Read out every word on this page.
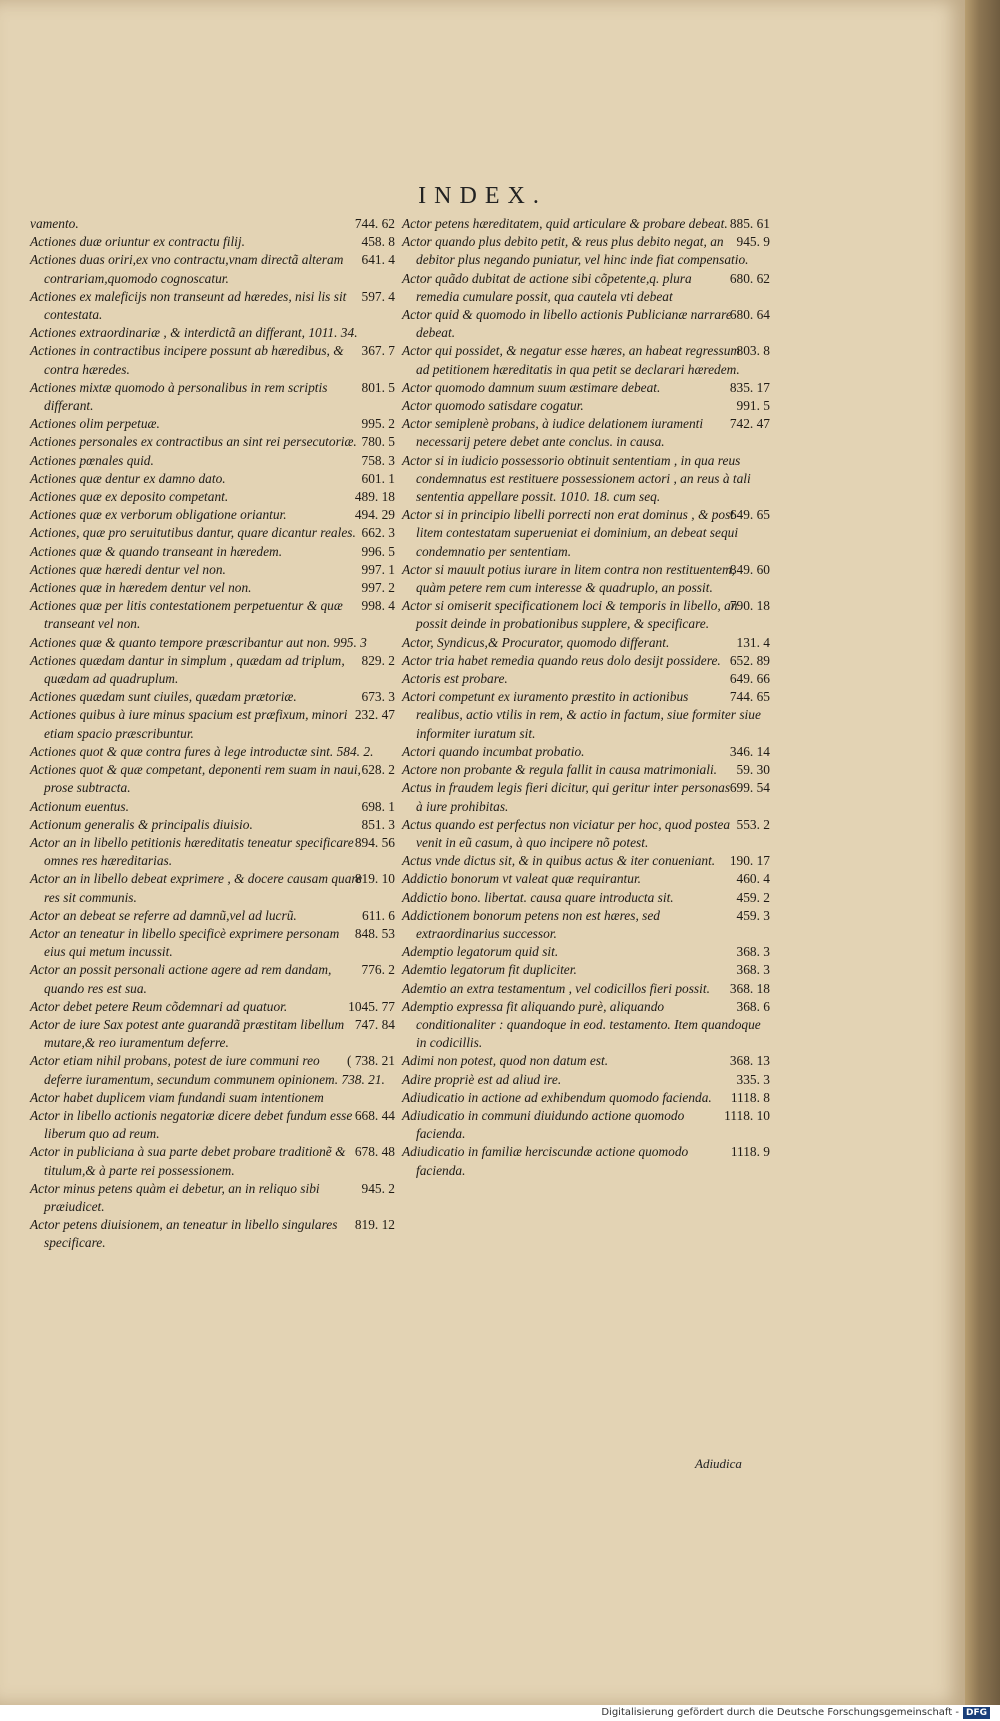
INDEX.

744. 62
vamento.

458. 8
Actiones duæ oriuntur ex contractu filij.

641. 4
Actiones duas oriri,ex vno contractu,vnam directã alteram contrariam,quomodo cognoscatur.

597. 4
Actiones ex maleficijs non transeunt ad hæredes, nisi lis sit contestata.

Actiones extraordinariæ , & interdictã an differant, 1011. 34.

367. 7
Actiones in contractibus incipere possunt ab hæredibus, & contra hæredes.

801. 5
Actiones mixtæ quomodo à personalibus in rem scriptis differant.

995. 2
Actiones olim perpetuæ.

780. 5
Actiones personales ex contractibus an sint rei persecutoriæ.

758. 3
Actiones pœnales quid.

601. 1
Actiones quæ dentur ex damno dato.

489. 18
Actiones quæ ex deposito competant.

494. 29
Actiones quæ ex verborum obligatione oriantur.

662. 3
Actiones, quæ pro seruitutibus dantur, quare dicantur reales.

996. 5
Actiones quæ & quando transeant in hæredem.

997. 1
Actiones quæ hæredi dentur vel non.

997. 2
Actiones quæ in hæredem dentur vel non.

998. 4
Actiones quæ per litis contestationem perpetuentur & quæ transeant vel non.

Actiones quæ & quanto tempore præscribantur aut non. 995. 3

829. 2
Actiones quædam dantur in simplum , quædam ad triplum, quædam ad quadruplum.

673. 3
Actiones quædam sunt ciuiles, quædam prætoriæ.

232. 47
Actiones quibus à iure minus spacium est præfixum, minori etiam spacio præscribuntur.

Actiones quot & quæ contra fures à lege introductæ sint. 584. 2.

628. 2
Actiones quot & quæ competant, deponenti rem suam in naui, prose subtracta.

698. 1
Actionum euentus.

851. 3
Actionum generalis & principalis diuisio.

894. 56
Actor an in libello petitionis hæreditatis teneatur specificare omnes res hæreditarias.

819. 10
Actor an in libello debeat exprimere , & docere causam quare res sit communis.

611. 6
Actor an debeat se referre ad damnũ,vel ad lucrũ.

848. 53
Actor an teneatur in libello specificè exprimere personam eius qui metum incussit.

776. 2
Actor an possit personali actione agere ad rem dandam, quando res est sua.

1045. 77
Actor debet petere Reum cõdemnari ad quatuor.

747. 84
Actor de iure Sax potest ante guarandã præstitam libellum mutare,& reo iuramentum deferre.

( 738. 21
Actor etiam nihil probans, potest de iure communi reo deferre iuramentum, secundum communem opinionem. 738. 21.

Actor habet duplicem viam fundandi suam intentionem

668. 44
Actor in libello actionis negatoriæ dicere debet fundum esse liberum quo ad reum.

678. 48
Actor in publiciana à sua parte debet probare traditionẽ & titulum,& à parte rei possessionem.

945. 2
Actor minus petens quàm ei debetur, an in reliquo sibi præiudicet.

819. 12
Actor petens diuisionem, an teneatur in libello singulares specificare.

885. 61
Actor petens hæreditatem, quid articulare & probare debeat.

945. 9
Actor quando plus debito petit, & reus plus debito negat, an debitor plus negando puniatur, vel hinc inde fiat compensatio.

680. 62
Actor quãdo dubitat de actione sibi cõpetente,q. plura remedia cumulare possit, qua cautela vti debeat

680. 64
Actor quid & quomodo in libello actionis Publicianæ narrare debeat.

803. 8
Actor qui possidet, & negatur esse hæres, an habeat regressum ad petitionem hæreditatis in qua petit se declarari hæredem.

835. 17
Actor quomodo damnum suum æstimare debeat.

991. 5
Actor quomodo satisdare cogatur.

742. 47
Actor semiplenè probans, à iudice delationem iuramenti necessarij petere debet ante conclus. in causa.

Actor si in iudicio possessorio obtinuit sententiam , in qua reus condemnatus est restituere possessionem actori , an reus à tali sententia appellare possit. 1010. 18. cum seq.

649. 65
Actor si in principio libelli porrecti non erat dominus , & post litem contestatam superueniat ei dominium, an debeat sequi condemnatio per sententiam.

849. 60
Actor si mauult potius iurare in litem contra non restituentem, quàm petere rem cum interesse & quadruplo, an possit.

790. 18
Actor si omiserit specificationem loci & temporis in libello, an possit deinde in probationibus supplere, & specificare.

131. 4
Actor, Syndicus,& Procurator, quomodo differant.

652. 89
Actor tria habet remedia quando reus dolo desijt possidere.

649. 66
Actoris est probare.

744. 65
Actori competunt ex iuramento præstito in actionibus realibus, actio vtilis in rem, & actio in factum, siue formiter siue informiter iuratum sit.

346. 14
Actori quando incumbat probatio.

59. 30
Actore non probante & regula fallit in causa matrimoniali.

699. 54
Actus in fraudem legis fieri dicitur, qui geritur inter personas à iure prohibitas.

553. 2
Actus quando est perfectus non viciatur per hoc, quod postea venit in eũ casum, à quo incipere nõ potest.

190. 17
Actus vnde dictus sit, & in quibus actus & iter conueniant.

460. 4
Addictio bonorum vt valeat quæ requirantur.

459. 2
Addictio bono. libertat. causa quare introducta sit.

459. 3
Addictionem bonorum petens non est hæres, sed extraordinarius successor.

368. 3
Ademptio legatorum quid sit.

368. 3
Ademtio legatorum fit dupliciter.

368. 18
Ademtio an extra testamentum , vel codicillos fieri possit.

368. 6
Ademptio expressa fit aliquando purè, aliquando conditionaliter : quandoque in eod. testamento. Item quandoque in codicillis.

368. 13
Adimi non potest, quod non datum est.

335. 3
Adire propriè est ad aliud ire.

1118. 8
Adiudicatio in actione ad exhibendum quomodo facienda.

1118. 10
Adiudicatio in communi diuidundo actione quomodo facienda.

1118. 9
Adiudicatio in familiæ herciscundæ actione quomodo facienda.

Adiudica
Digitalisierung gefördert durch die Deutsche Forschungsgemeinschaft - DFG
